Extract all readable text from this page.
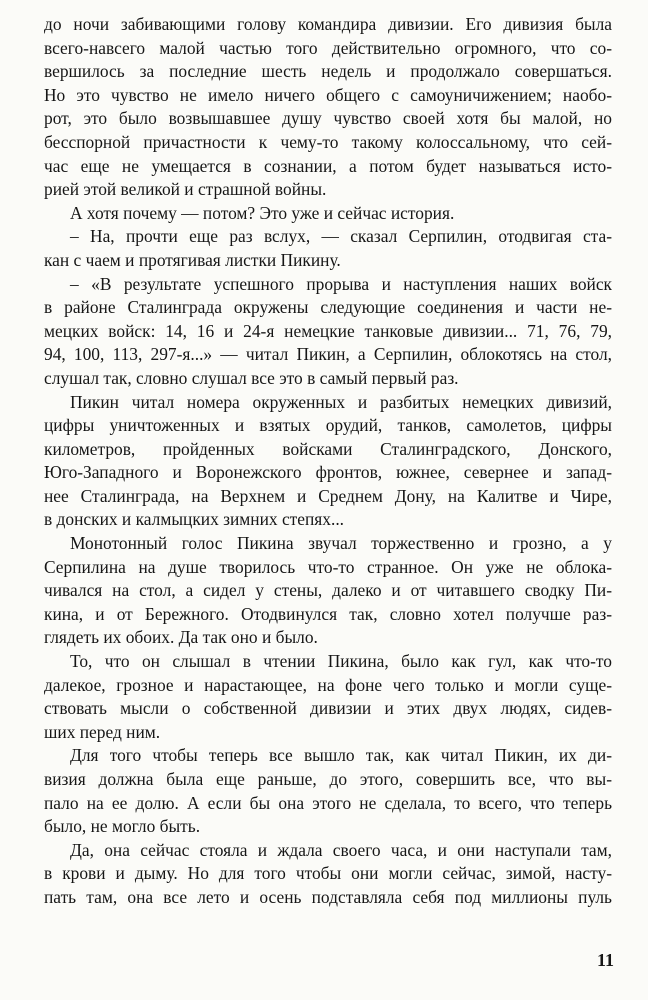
до ночи забивающими голову командира дивизии. Его дивизия была
всего-навсего малой частью того действительно огромного, что со-
вершилось за последние шесть недель и продолжало совершаться.
Но это чувство не имело ничего общего с самоуничижением; наобо-
рот, это было возвышавшее душу чувство своей хотя бы малой, но
бесспорной причастности к чему-то такому колоссальному, что сей-
час еще не умещается в сознании, а потом будет называться исто-
рией этой великой и страшной войны.
А хотя почему — потом? Это уже и сейчас история.
– На, прочти еще раз вслух, — сказал Серпилин, отодвигая ста-
кан с чаем и протягивая листки Пикину.
– «В результате успешного прорыва и наступления наших войск
в районе Сталинграда окружены следующие соединения и части не-
мецких войск: 14, 16 и 24-я немецкие танковые дивизии... 71, 76, 79,
94, 100, 113, 297-я...» — читал Пикин, а Серпилин, облокотясь на стол,
слушал так, словно слушал все это в самый первый раз.
Пикин читал номера окруженных и разбитых немецких дивизий,
цифры уничтоженных и взятых орудий, танков, самолетов, цифры
километров, пройденных войсками Сталинградского, Донского,
Юго-Западного и Воронежского фронтов, южнее, севернее и запад-
нее Сталинграда, на Верхнем и Среднем Дону, на Калитве и Чире,
в донских и калмыцких зимних степях...
Монотонный голос Пикина звучал торжественно и грозно, а у
Серпилина на душе творилось что-то странное. Он уже не облока-
чивался на стол, а сидел у стены, далеко и от читавшего сводку Пи-
кина, и от Бережного. Отодвинулся так, словно хотел получше раз-
глядеть их обоих. Да так оно и было.
То, что он слышал в чтении Пикина, было как гул, как что-то
далекое, грозное и нарастающее, на фоне чего только и могли суще-
ствовать мысли о собственной дивизии и этих двух людях, сидев-
ших перед ним.
Для того чтобы теперь все вышло так, как читал Пикин, их ди-
визия должна была еще раньше, до этого, совершить все, что вы-
пало на ее долю. А если бы она этого не сделала, то всего, что теперь
было, не могло быть.
Да, она сейчас стояла и ждала своего часа, и они наступали там,
в крови и дыму. Но для того чтобы они могли сейчас, зимой, насту-
пать там, она все лето и осень подставляла себя под миллионы пуль
11
